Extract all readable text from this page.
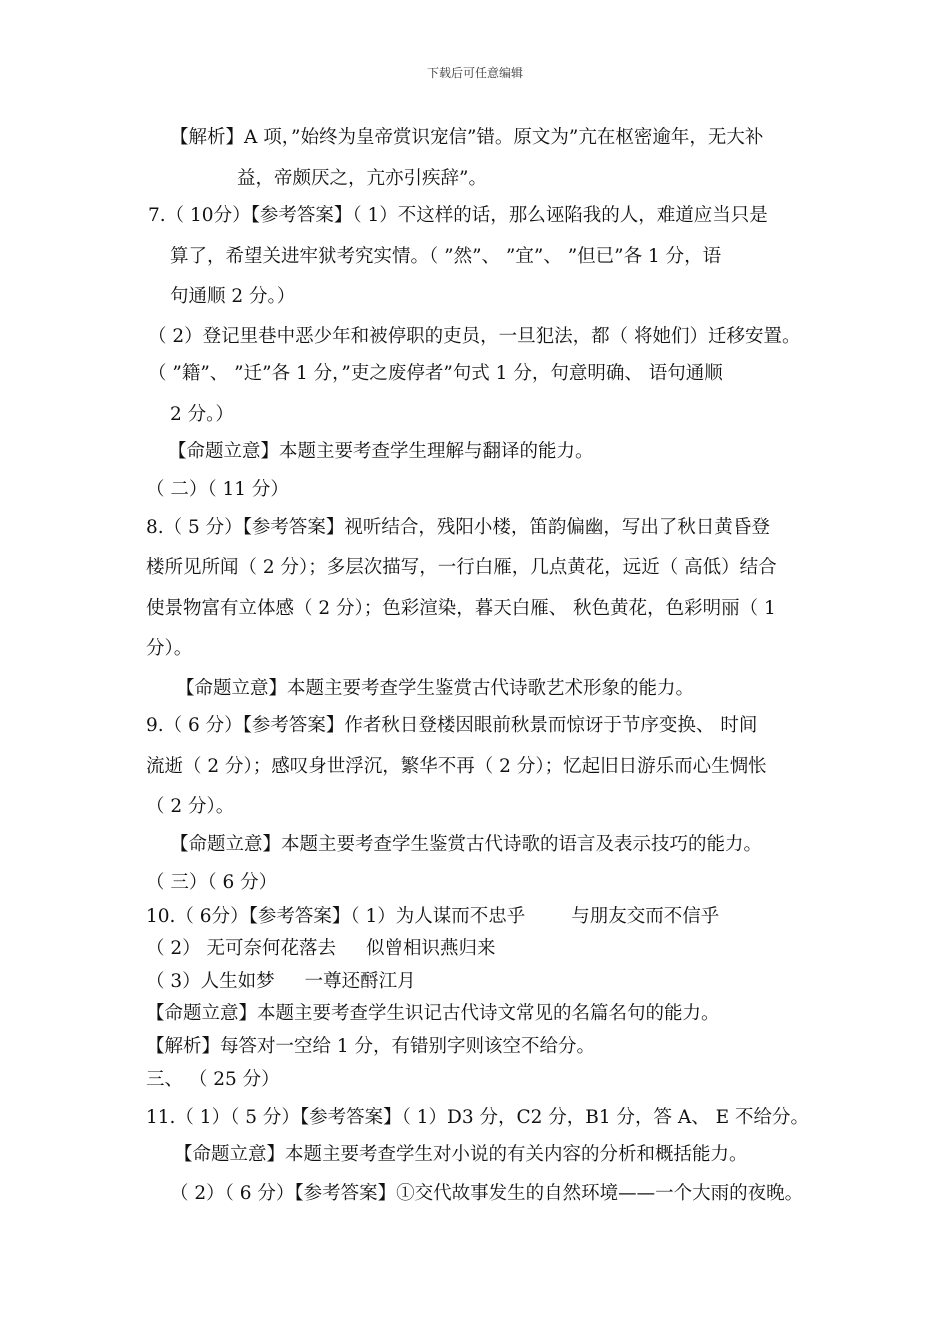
下载后可任意编辑
【解析】A 项，”始终为皇帝赏识宠信”错。原文为”亢在枢密逾年，无大补
益，帝颇厌之，亢亦引疾辞”。
7.（ 10分）【参考答案】（ 1）不这样的话，那么诬陷我的人，难道应当只是
算了，希望关进牢狱考究实情。（ ”然”、 ”宜”、 ”但已”各 1 分，语
句通顺 2 分。）
（ 2）登记里巷中恶少年和被停职的吏员，一旦犯法，都（ 将她们）迁移安置。
（ ”籍”、 ”迁”各 1 分，”吏之废停者”句式 1 分，句意明确、 语句通顺
2 分。）
【命题立意】本题主要考查学生理解与翻译的能力。
（ 二）（ 11 分）
8.（ 5 分）【参考答案】视听结合，残阳小楼，笛韵偏幽，写出了秋日黄昏登
楼所见所闻（ 2 分）；多层次描写，一行白雁，几点黄花，远近（ 高低）结合
使景物富有立体感（ 2 分）；色彩渲染，暮天白雁、 秋色黄花，色彩明丽（ 1
分）。
【命题立意】本题主要考查学生鉴赏古代诗歌艺术形象的能力。
9.（ 6 分）【参考答案】作者秋日登楼因眼前秋景而惊讶于节序变换、 时间
流逝（ 2 分）；感叹身世浮沉，繁华不再（ 2 分）；忆起旧日游乐而心生惆怅
（ 2 分）。
【命题立意】本题主要考查学生鉴赏古代诗歌的语言及表示技巧的能力。
（ 三）（ 6 分）
10.（ 6分）【参考答案】（ 1）为人谋而不忠乎 与朋友交而不信乎
（ 2） 无可奈何花落去 似曾相识燕归来
（ 3）人生如梦 一尊还酹江月
【命题立意】本题主要考查学生识记古代诗文常见的名篇名句的能力。
【解析】每答对一空给 1 分，有错别字则该空不给分。
三、 （ 25 分）
11.（ 1）（ 5 分）【参考答案】（ 1）D3 分，C2 分，B1 分，答 A、 E 不给分。
【命题立意】本题主要考查学生对小说的有关内容的分析和概括能力。
（ 2）（ 6 分）【参考答案】①交代故事发生的自然环境——一个大雨的夜晚。
